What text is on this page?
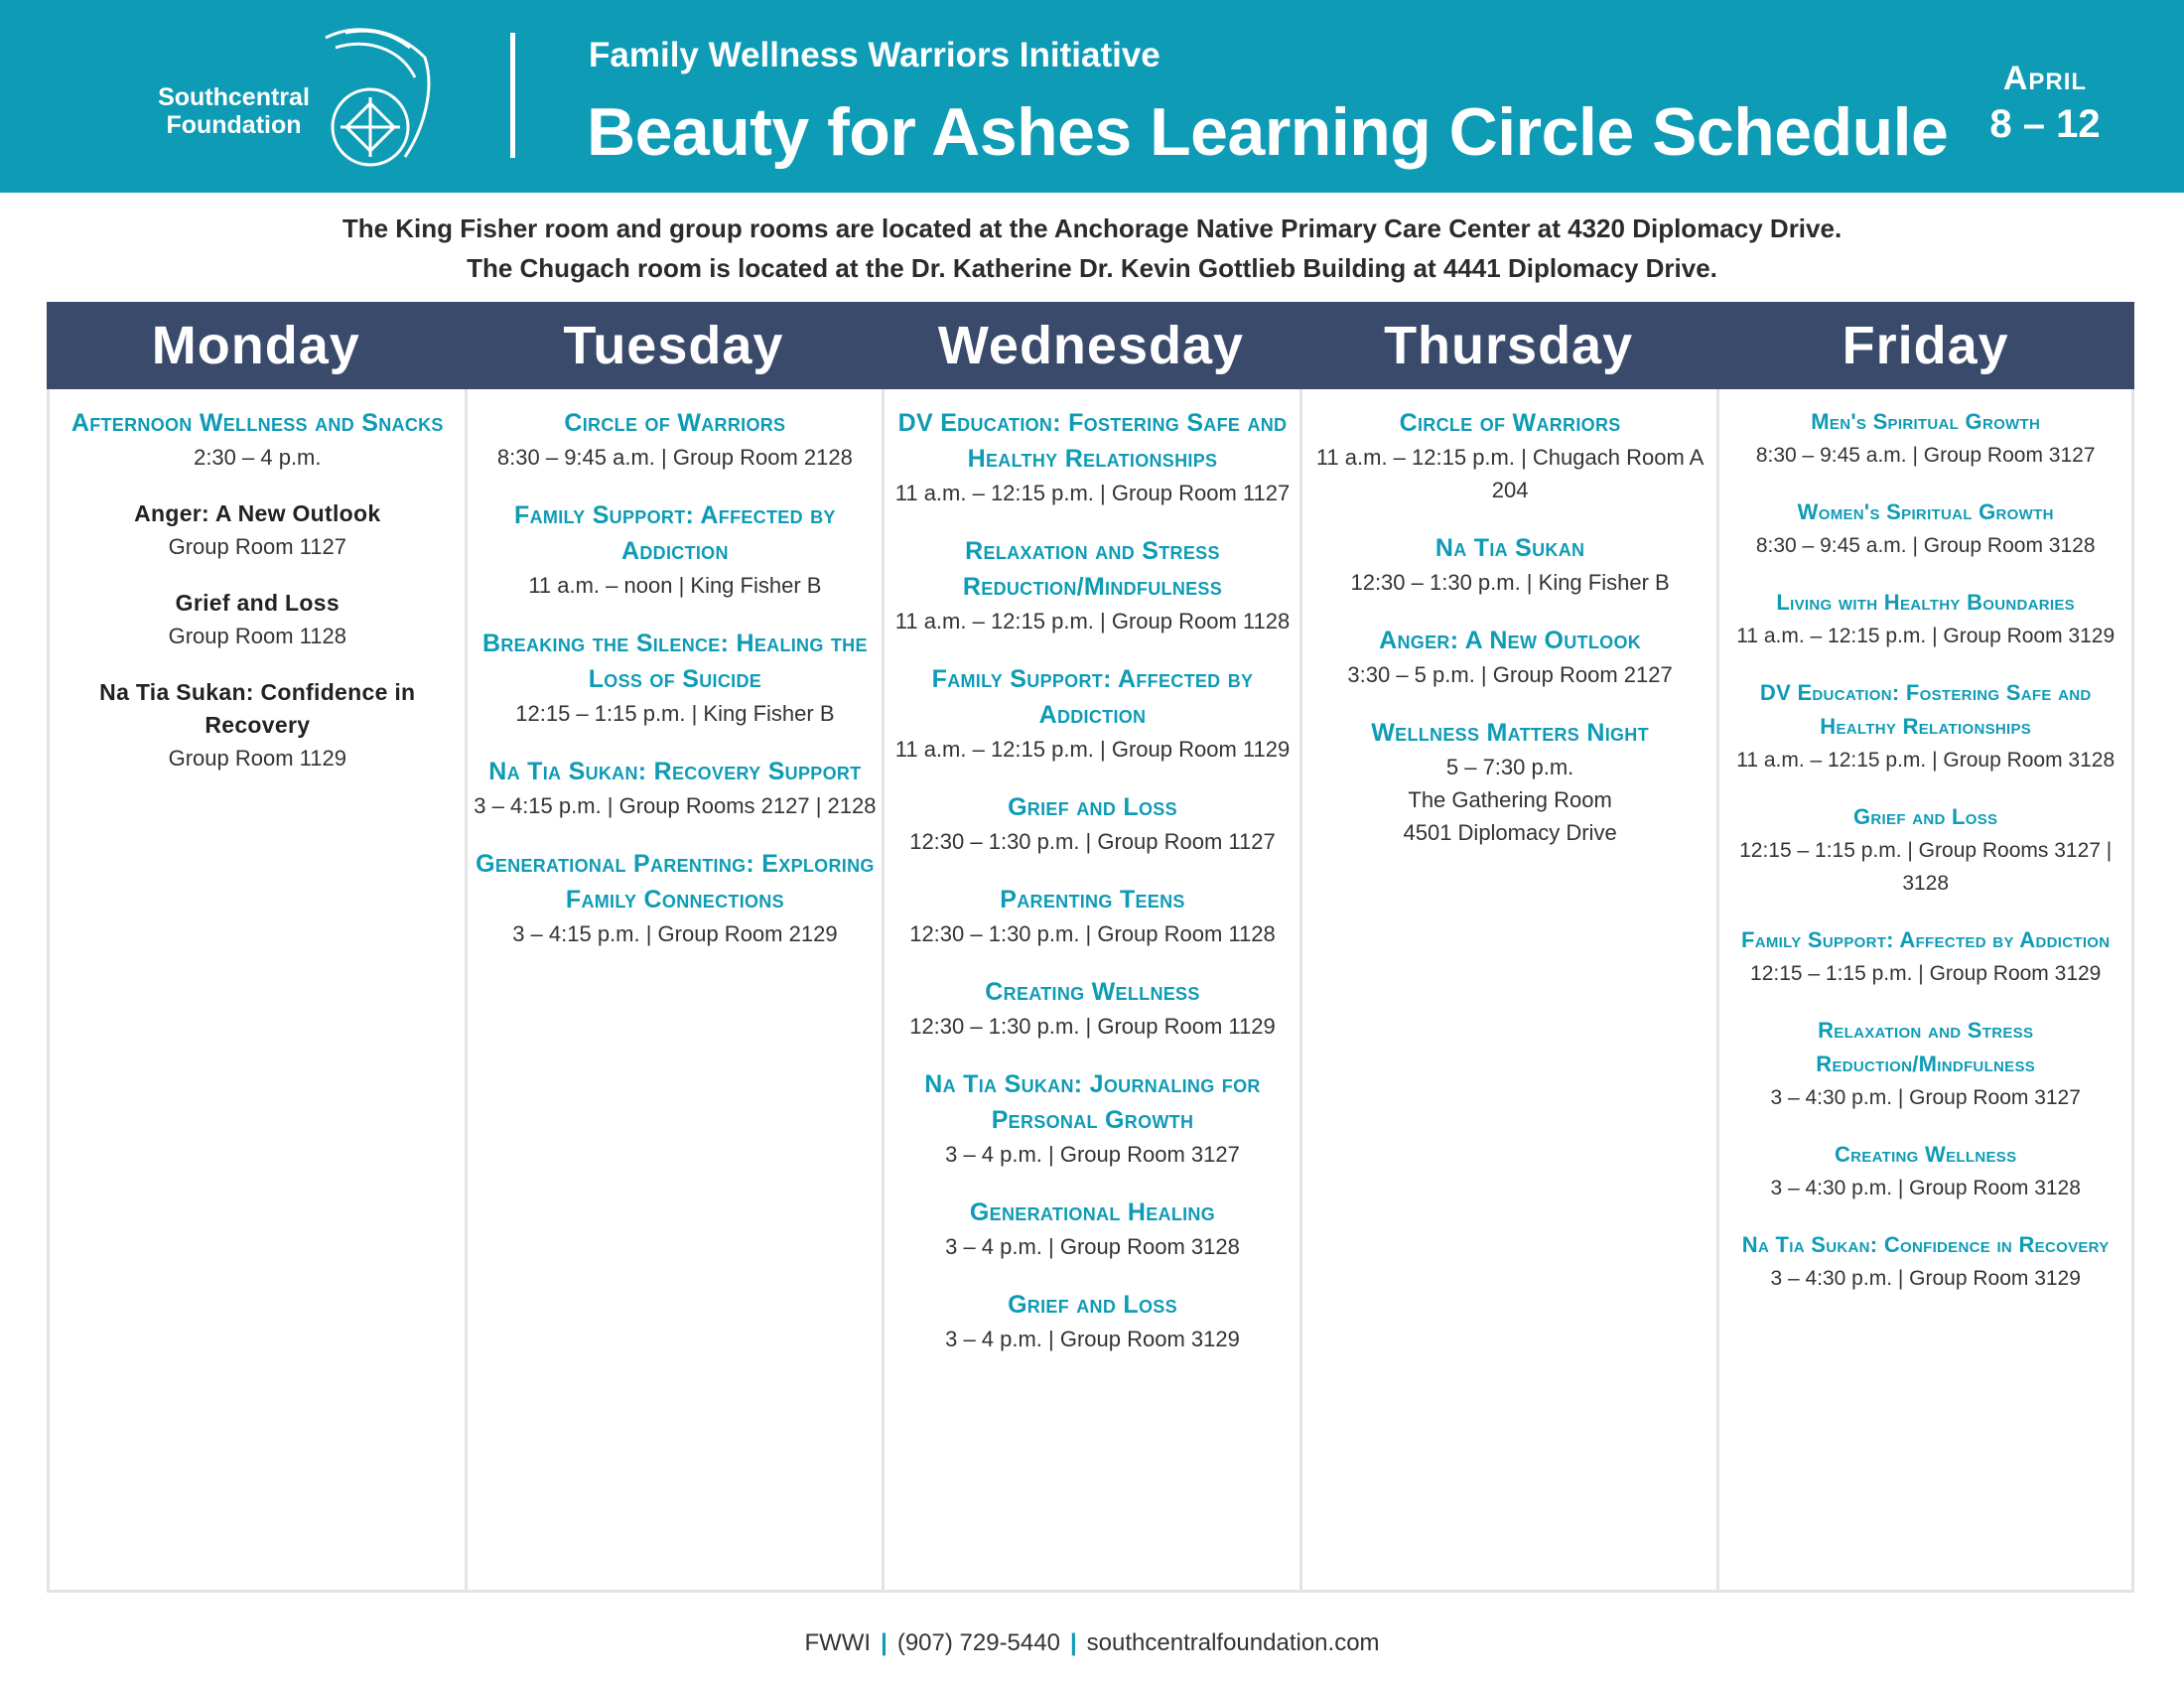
Southcentral
Foundation
Family Wellness Warriors Initiative
Beauty for Ashes Learning Circle Schedule
April
8 – 12
The King Fisher room and group rooms are located at the Anchorage Native Primary Care Center at 4320 Diplomacy Drive.
The Chugach room is located at the Dr. Katherine Dr. Kevin Gottlieb Building at 4441 Diplomacy Drive.
Monday
Afternoon Wellness and Snacks
2:30 – 4 p.m.
Anger: A New Outlook
Group Room 1127
Grief and Loss
Group Room 1128
Na Tia Sukan: Confidence in Recovery
Group Room 1129
Tuesday
Circle of Warriors
8:30 – 9:45 a.m. | Group Room 2128
Family Support: Affected by Addiction
11 a.m. – noon | King Fisher B
Breaking the Silence: Healing the Loss of Suicide
12:15 – 1:15 p.m. | King Fisher B
Na Tia Sukan: Recovery Support
3 – 4:15 p.m. | Group Rooms 2127 | 2128
Generational Parenting: Exploring Family Connections
3 – 4:15 p.m. | Group Room 2129
Wednesday
DV Education: Fostering Safe and Healthy Relationships
11 a.m. – 12:15 p.m. | Group Room 1127
Relaxation and Stress Reduction/Mindfulness
11 a.m. – 12:15 p.m. | Group Room 1128
Family Support: Affected by Addiction
11 a.m. – 12:15 p.m. | Group Room 1129
Grief and Loss
12:30 – 1:30 p.m. | Group Room 1127
Parenting Teens
12:30 – 1:30 p.m. | Group Room 1128
Creating Wellness
12:30 – 1:30 p.m. | Group Room 1129
Na Tia Sukan: Journaling for Personal Growth
3 – 4 p.m. | Group Room 3127
Generational Healing
3 – 4 p.m. | Group Room 3128
Grief and Loss
3 – 4 p.m. | Group Room 3129
Thursday
Circle of Warriors
11 a.m. – 12:15 p.m. | Chugach Room A 204
Na Tia Sukan
12:30 – 1:30 p.m. | King Fisher B
Anger: A New Outlook
3:30 – 5 p.m. | Group Room 2127
Wellness Matters Night
5 – 7:30 p.m.
The Gathering Room
4501 Diplomacy Drive
Friday
Men's Spiritual Growth
8:30 – 9:45 a.m. | Group Room 3127
Women's Spiritual Growth
8:30 – 9:45 a.m. | Group Room 3128
Living with Healthy Boundaries
11 a.m. – 12:15 p.m. | Group Room 3129
DV Education: Fostering Safe and Healthy Relationships
11 a.m. – 12:15 p.m. | Group Room 3128
Grief and Loss
12:15 – 1:15 p.m. | Group Rooms 3127 | 3128
Family Support: Affected by Addiction
12:15 – 1:15 p.m. | Group Room 3129
Relaxation and Stress Reduction/Mindfulness
3 – 4:30 p.m. | Group Room 3127
Creating Wellness
3 – 4:30 p.m. | Group Room 3128
Na Tia Sukan: Confidence in Recovery
3 – 4:30 p.m. | Group Room 3129
FWWI | (907) 729-5440 | southcentralfoundation.com
